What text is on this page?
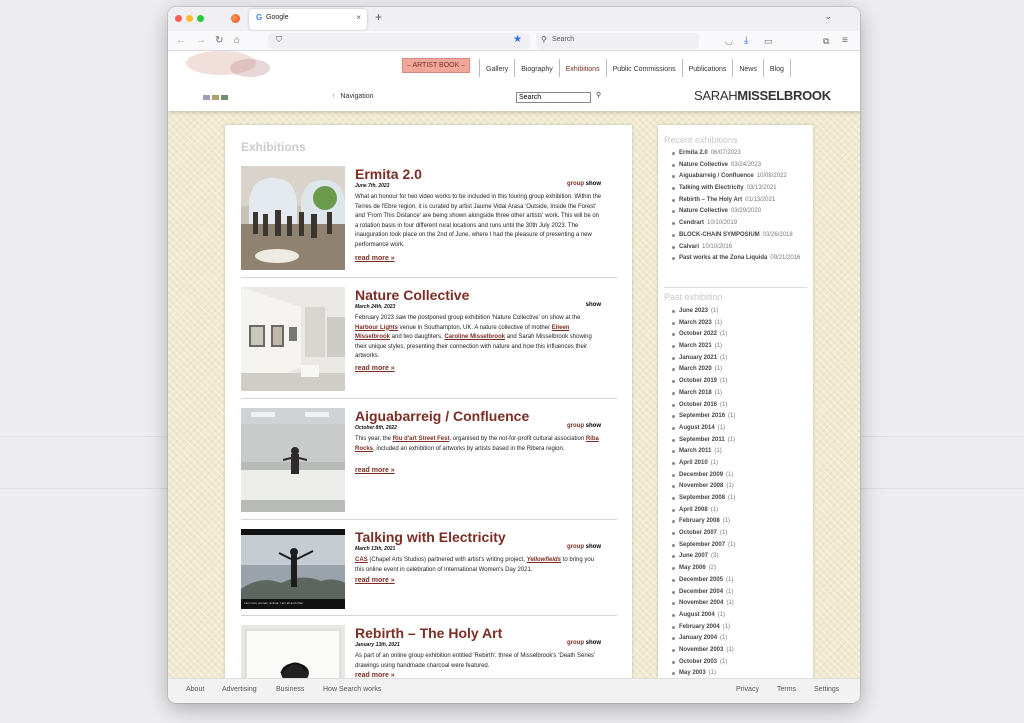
G Google	× +	⌄
← → ↻ ⌂	⛉	★ ⚲ Search	◡ ⤓ ▭	⧉ ≡
– ARTIST BOOK –
Gallery	Biography	Exhibitions	Public Commissions	Publications	News	Blog
↑ Navigation	Search	⚲	SARAHMISSELBROOK
Exhibitions
Ermita 2.0
June 7th, 2023	group show

What an honour for two video works to be included in this touring group exhibition. Within the Terres de l'Ebre region, it is curated by artist Jaume Vidal Arasa 'Outside, Inside the Forest' and 'From This Distance' are being shown alongside three other artists' work. This will be on a rotation basis in four different rural locations and runs until the 30th July 2023. The inauguration took place on the 2nd of June, where I had the pleasure of presenting a new performance work.

read more »
Nature Collective
March 24th, 2023	show

February 2023 saw the postponed group exhibition 'Nature Collective' on show at the Harbour Lights venue in Southampton, UK. A nature collective of mother Eileen Misselbrook and two daughters, Caroline Misselbrook and Sarah Misselbrook showing their unique styles, presenting their connection with nature and how this influences their artworks.

read more »
Aiguabarreig / Confluence
October 8th, 2022	group show

This year, the Riu d'art Street Fest, organised by the not-for-profit cultural association Riba Rocks, included an exhibition of artworks by artists based in the Ribera region.

read more »
I am man, woman, animal. I am all and other.
Talking with Electricity
March 13th, 2021	group show

CAS (Chapel Arts Studios) partnered with artist's writing project, Yellowfields to bring you this online event in celebration of International Women's Day 2021.

read more »
Rebirth – The Holy Art
January 13th, 2021	group show

As part of an online group exhibition entitled 'Rebirth', three of Misselbrook's 'Death Series' drawings using handmade charcoal were featured.

read more »
Recent exhibitions
Ermita 2.0 06/07/2023
Nature Collective 03/24/2023
Aiguabarreig / Confluence 10/08/2022
Talking with Electricity 03/13/2021
Rebirth – The Holy Art 01/13/2021
Nature Collective 03/29/2020
Cendrart 10/10/2019
BLOCK-CHAIN SYMPOSIUM 03/26/2018
Calvari 10/10/2016
Past works at the Zona Liquida 09/21/2016
Past exhibition
June 2023 (1)
March 2023 (1)
October 2022 (1)
March 2021 (1)
January 2021 (1)
March 2020 (1)
October 2019 (1)
March 2018 (1)
October 2016 (1)
September 2016 (1)
August 2014 (1)
September 2011 (1)
March 2011 (1)
April 2010 (1)
December 2009 (1)
November 2008 (1)
September 2008 (1)
April 2008 (1)
February 2008 (1)
October 2007 (1)
September 2007 (1)
June 2007 (3)
May 2006 (2)
December 2005 (1)
December 2004 (1)
November 2004 (1)
August 2004 (1)
February 2004 (1)
January 2004 (1)
November 2003 (1)
October 2003 (1)
May 2003 (1)
About	Advertising	Business	How Search works	Privacy	Terms	Settings
